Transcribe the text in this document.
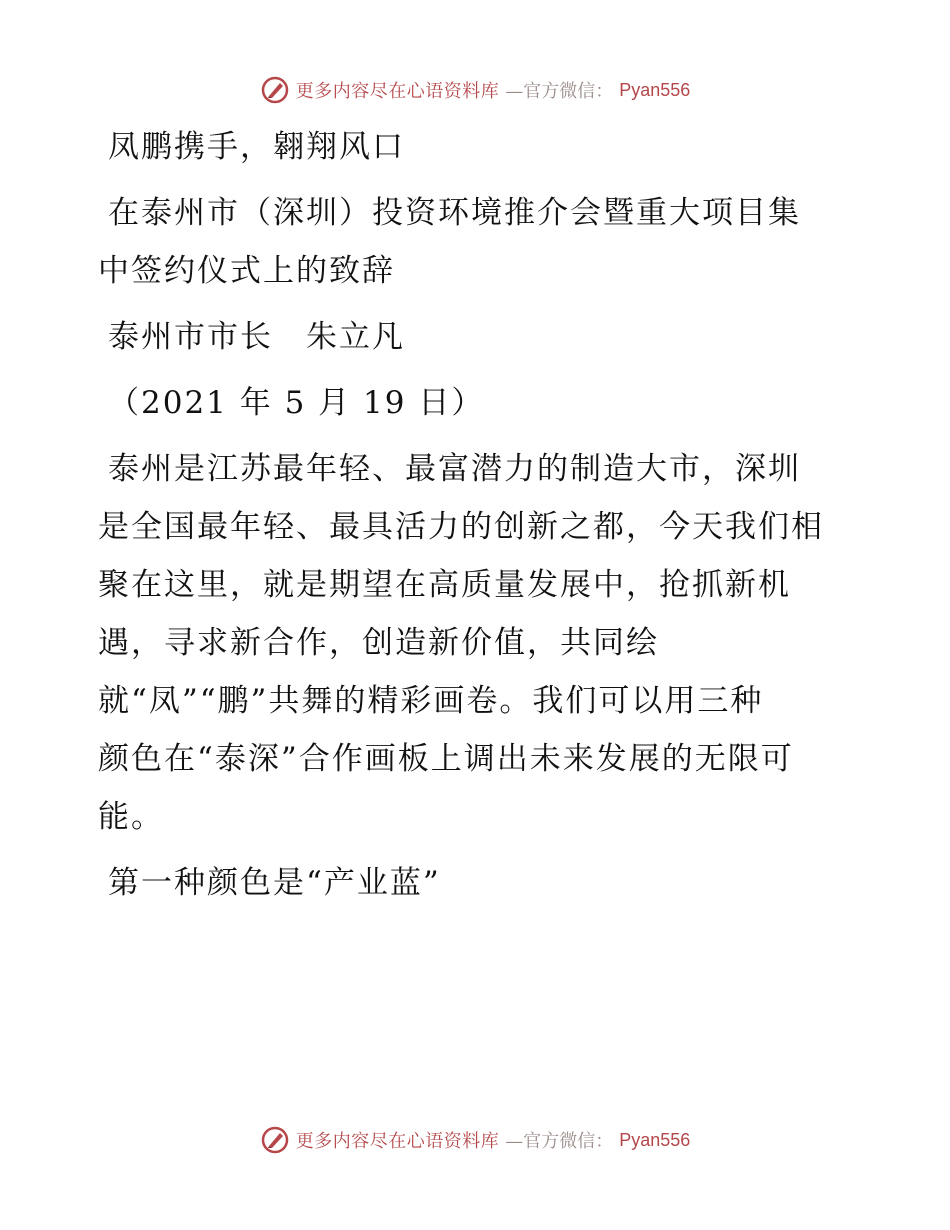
更多内容尽在心语资料库 —官方微信： Pyan556
凤鹏携手，翱翔风口
在泰州市（深圳）投资环境推介会暨重大项目集
中签约仪式上的致辞
泰州市市长　朱立凡
（2021 年 5 月 19 日）
泰州是江苏最年轻、最富潜力的制造大市，深圳
是全国最年轻、最具活力的创新之都，今天我们相
聚在这里，就是期望在高质量发展中，抢抓新机
遇，寻求新合作，创造新价值，共同绘
就“凤”“鹏”共舞的精彩画卷。我们可以用三种
颜色在“泰深”合作画板上调出未来发展的无限可
能。
第一种颜色是“产业蓝”
更多内容尽在心语资料库 —官方微信： Pyan556
